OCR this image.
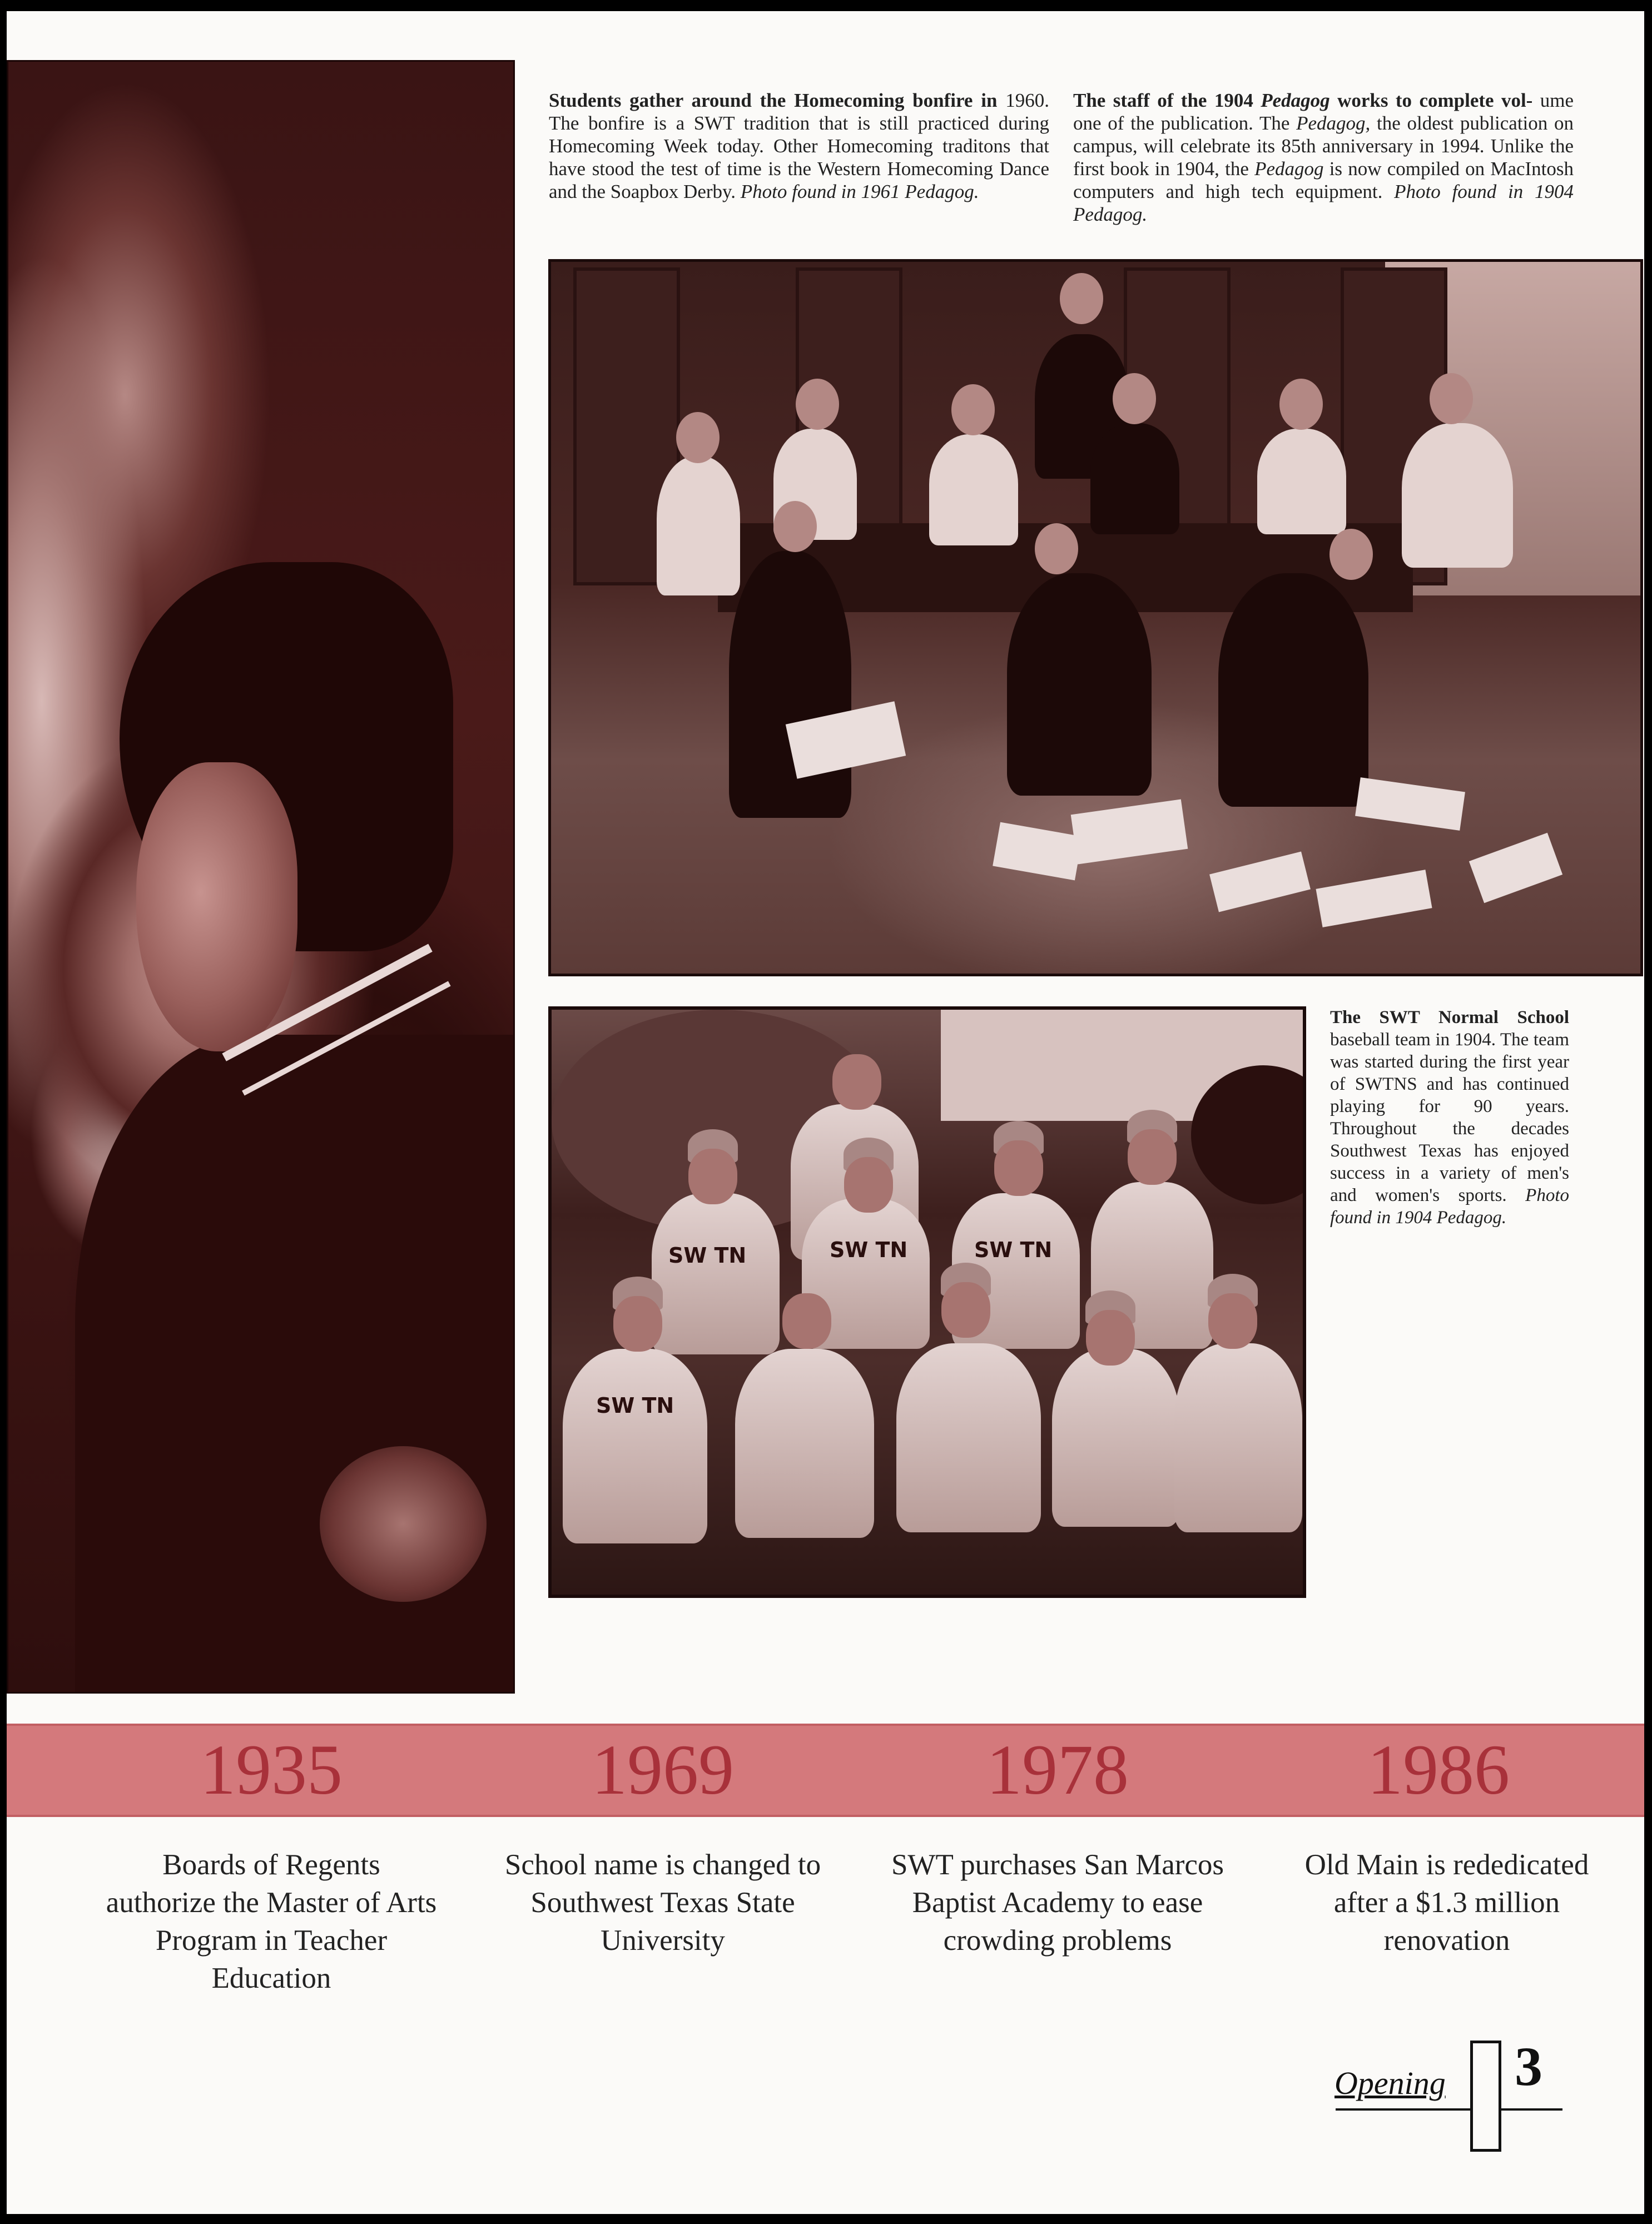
Students gather around the Homecoming bonfire in 1960. The bonfire is a SWT tradition that is still practiced during Homecoming Week today. Other Homecoming traditons that have stood the test of time is the Western Homecoming Dance and the Soapbox Derby. Photo found in 1961 Pedagog.
The staff of the 1904 Pedagog works to complete vol- ume one of the publication. The Pedagog, the oldest publication on campus, will celebrate its 85th anniversary in 1994. Unlike the first book in 1904, the Pedagog is now compiled on MacIntosh computers and high tech equipment. Photo found in 1904 Pedagog.
SW TN	SW TN	SW TN
SW TN
The SWT Normal School baseball team in 1904. The team was started during the first year of SWTNS and has continued playing for 90 years. Throughout the decades Southwest Texas has enjoyed success in a variety of men's and women's sports. Photo found in 1904 Pedagog.
1935	1969	1978	1986
Boards of Regents authorize the Master of Arts Program in Teacher Education
School name is changed to Southwest Texas State University
SWT purchases San Marcos Baptist Academy to ease crowding problems
Old Main is rededicated after a $1.3 million renovation
Opening 3
